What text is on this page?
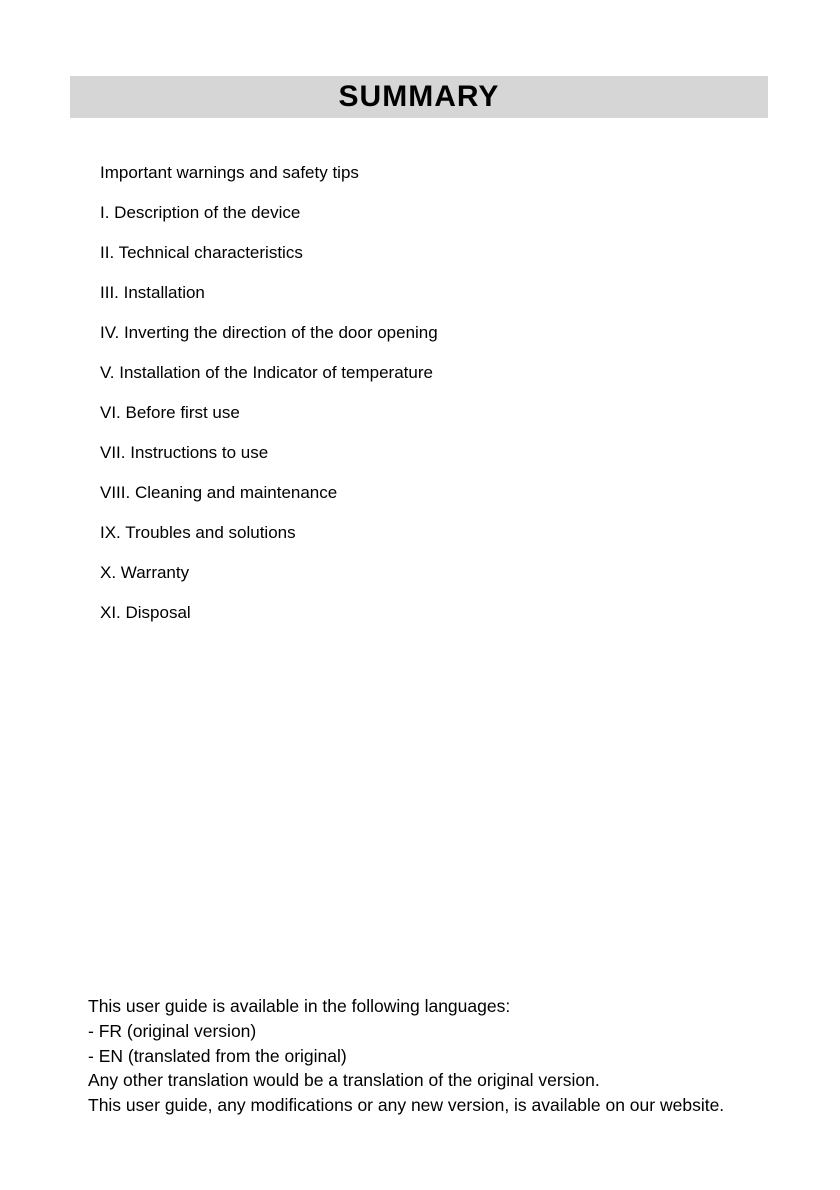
SUMMARY
Important warnings and safety tips
I. Description of the device
II. Technical characteristics
III. Installation
IV. Inverting the direction of the door opening
V. Installation of the Indicator of temperature
VI. Before first use
VII. Instructions to use
VIII. Cleaning and maintenance
IX. Troubles and solutions
X. Warranty
XI. Disposal
This user guide is available in the following languages:
- FR (original version)
- EN (translated from the original)
Any other translation would be a translation of the original version.
This user guide, any modifications or any new version, is available on our website.
